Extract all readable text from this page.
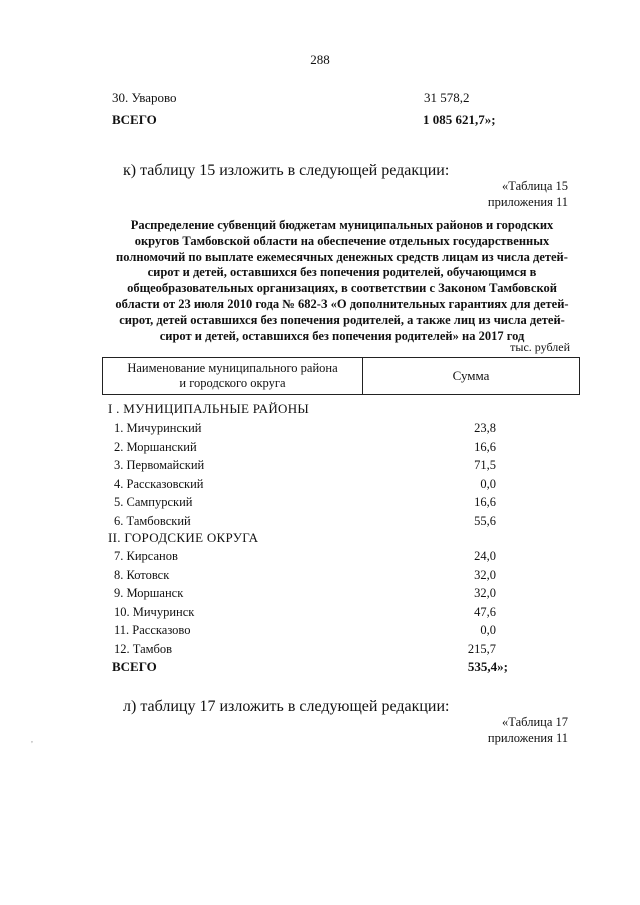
288
30. Уварово	31 578,2
ВСЕГО	1 085 621,7»;
к) таблицу 15 изложить в следующей редакции:
«Таблица 15
приложения 11
Распределение субвенций бюджетам муниципальных районов и городских округов Тамбовской области на обеспечение отдельных государственных полномочий по выплате ежемесячных денежных средств лицам из числа детей-сирот и детей, оставшихся без попечения родителей, обучающимся в общеобразовательных организациях, в соответствии с Законом Тамбовской области от 23 июля 2010 года № 682-З «О дополнительных гарантиях для детей-сирот, детей оставшихся без попечения родителей, а также лиц из числа детей-сирот и детей, оставшихся без попечения родителей» на 2017 год
тыс. рублей
Наименование муниципального района
и городского округа	Сумма
I . МУНИЦИПАЛЬНЫЕ РАЙОНЫ
1. Мичуринский	23,8
2. Моршанский	16,6
3. Первомайский	71,5
4. Рассказовский	0,0
5. Сампурский	16,6
6. Тамбовский	55,6
II. ГОРОДСКИЕ ОКРУГА
7. Кирсанов	24,0
8. Котовск	32,0
9. Моршанск	32,0
10. Мичуринск	47,6
11. Рассказово	0,0
12. Тамбов	215,7
ВСЕГО	535,4»;
л) таблицу 17 изложить в следующей редакции:
«Таблица 17
приложения 11
,
